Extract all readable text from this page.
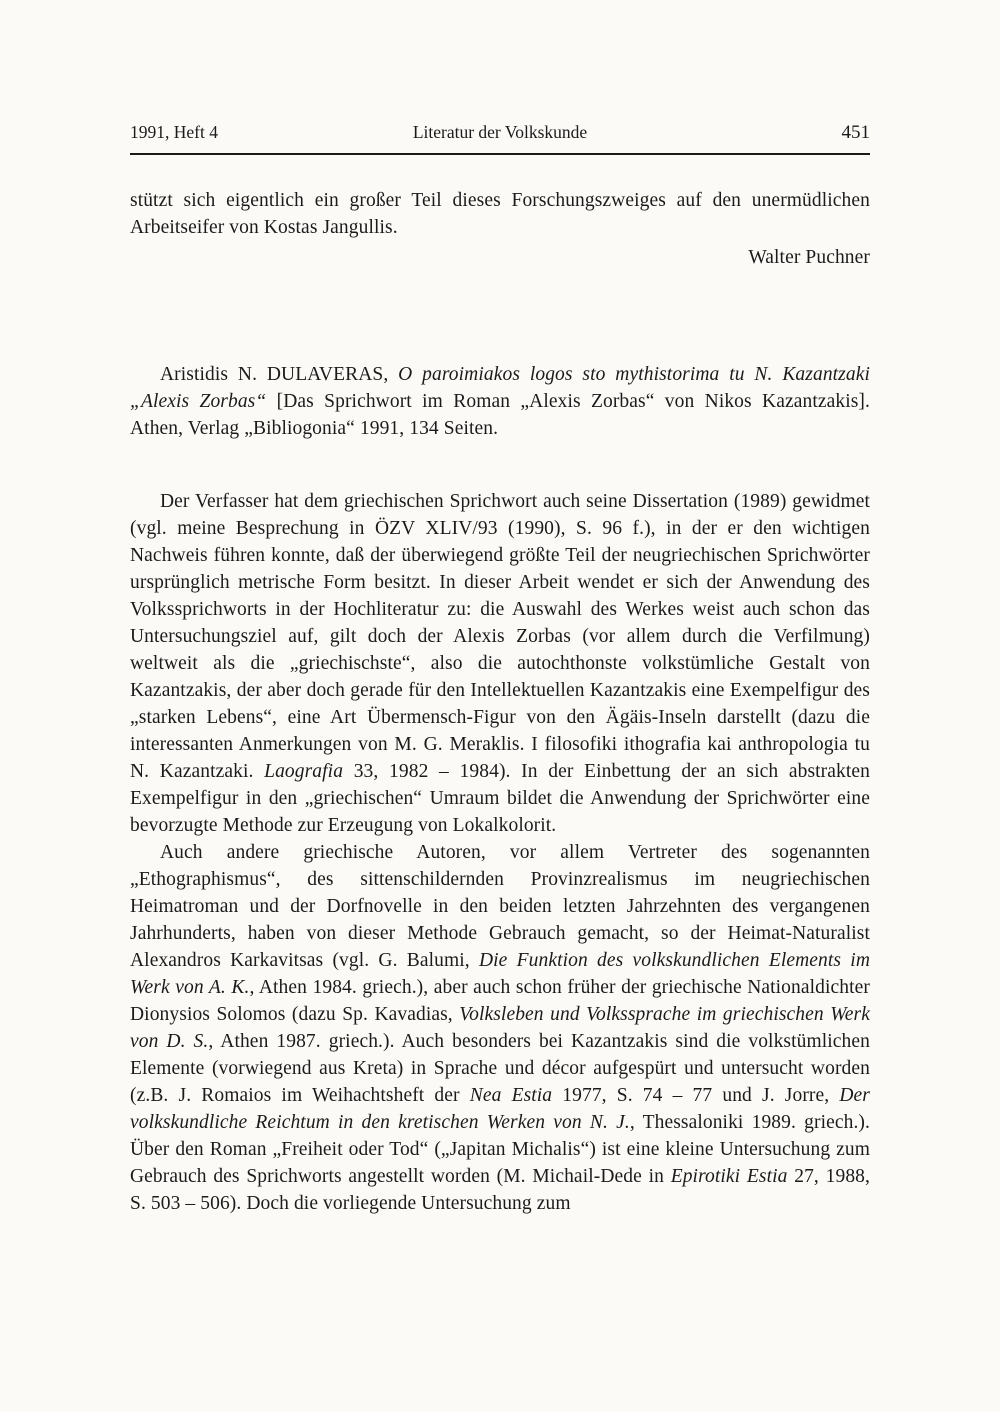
1991, Heft 4	Literatur der Volkskunde	451

stützt sich eigentlich ein großer Teil dieses Forschungszweiges auf den unermüdlichen Arbeitseifer von Kostas Jangullis.

Walter Puchner

Aristidis N. DULAVERAS, O paroimiakos logos sto mythistorima tu N. Kazantzaki „Alexis Zorbas“ [Das Sprichwort im Roman „Alexis Zorbas“ von Nikos Kazantzakis]. Athen, Verlag „Bibliogonia“ 1991, 134 Seiten.

Der Verfasser hat dem griechischen Sprichwort auch seine Dissertation (1989) gewidmet (vgl. meine Besprechung in ÖZV XLIV/93 (1990), S. 96 f.), in der er den wichtigen Nachweis führen konnte, daß der überwiegend größte Teil der neugriechischen Sprichwörter ursprünglich metrische Form besitzt. In dieser Arbeit wendet er sich der Anwendung des Volkssprichworts in der Hochliteratur zu: die Auswahl des Werkes weist auch schon das Untersuchungsziel auf, gilt doch der Alexis Zorbas (vor allem durch die Verfilmung) weltweit als die „griechischste“, also die autochthonste volkstümliche Gestalt von Kazantzakis, der aber doch gerade für den Intellektuellen Kazantzakis eine Exempelfigur des „starken Lebens“, eine Art Übermensch-Figur von den Ägäis-Inseln darstellt (dazu die interessanten Anmerkungen von M. G. Meraklis. I filosofiki ithografia kai anthropologia tu N. Kazantzaki. Laografia 33, 1982 – 1984). In der Einbettung der an sich abstrakten Exempelfigur in den „griechischen“ Umraum bildet die Anwendung der Sprichwörter eine bevorzugte Methode zur Erzeugung von Lokalkolorit.

Auch andere griechische Autoren, vor allem Vertreter des sogenannten „Ethographismus“, des sittenschildernden Provinzrealismus im neugriechischen Heimatroman und der Dorfnovelle in den beiden letzten Jahrzehnten des vergangenen Jahrhunderts, haben von dieser Methode Gebrauch gemacht, so der Heimat-Naturalist Alexandros Karkavitsas (vgl. G. Balumi, Die Funktion des volkskundlichen Elements im Werk von A. K., Athen 1984. griech.), aber auch schon früher der griechische Nationaldichter Dionysios Solomos (dazu Sp. Kavadias, Volksleben und Volkssprache im griechischen Werk von D. S., Athen 1987. griech.). Auch besonders bei Kazantzakis sind die volkstümlichen Elemente (vorwiegend aus Kreta) in Sprache und décor aufgespürt und untersucht worden (z.B. J. Romaios im Weihachtsheft der Nea Estia 1977, S. 74 – 77 und J. Jorre, Der volkskundliche Reichtum in den kretischen Werken von N. J., Thessaloniki 1989. griech.). Über den Roman „Freiheit oder Tod“ („Japitan Michalis“) ist eine kleine Untersuchung zum Gebrauch des Sprichworts angestellt worden (M. Michail-Dede in Epirotiki Estia 27, 1988, S. 503 – 506). Doch die vorliegende Untersuchung zum
